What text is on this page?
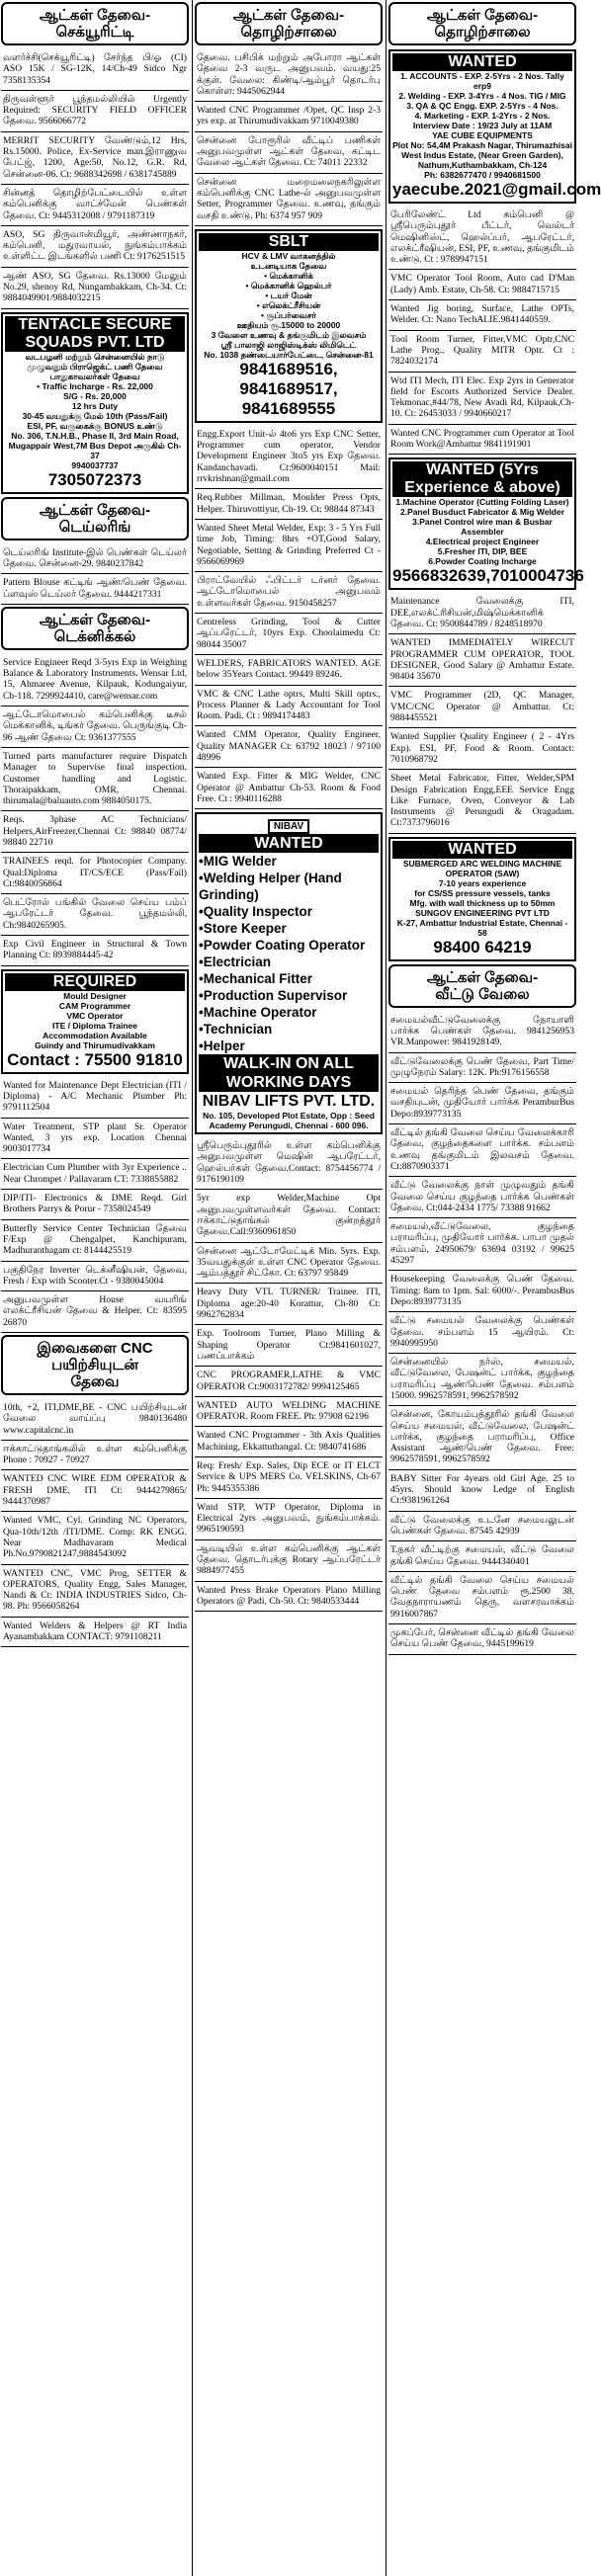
ஆட்கள் தேவை-
செக்யூரிட்டி
வளர்ச்சி(செக்யூரிட்டி) சேர்ந்த பி/ஓ (CI) ASO 15K / SG-12K, 14/Ch-49 Sidco Ngr 7358135354
திருவள்ளூர் பூந்தமல்லியில் Urgently Required: SECURITY FIELD OFFICER தேவை. 9566066772
MERRIT SECURITY வேண்டும்,12 Hrs, Rs.15000. Police, Ex-Service man.இராணுவ பேட்ஜ், 1200, Age:50, No.12, G.R. Rd, சென்னை-06. Ct: 9688342698 / 6381745889
சின்னத் தொழிற்பேட்டையில் உள்ள கம்பெனிக்கு வாட்ச்மேன் பெண்கள் தேவை. Ct: 9445312008 / 9791187319
ASO, SG திருவான்மியூர், அண்ணாநகர், கம்பெனி, மதுரவாயல், நுங்கம்பாக்கம் உள்ளிட்ட இடங்களில் பணி Ct: 9176251515
ஆண் ASO, SG தேவை. Rs.13000 மேலும் No.29, shenoy Rd, Nungambakkam, Ch-34. Ct: 9884049901/9884032215
TENTACLE SECURE SQUADS PVT. LTD
வடபழனி மற்றும் சென்னையில் நாடு முழுவதும் பிராஜெக்ட் பணி தேவை
பாதுகாவலர்கள் தேவை
• Traffic Incharge - Rs. 22,000
S/G - Rs. 20,000
12 hrs Duty
30-45 வயதுக்கு மேல் 10th (Pass/Fail)
ESI, PF, வருகைக்கு BONUS உண்டு
No. 306, T.N.H.B., Phase II, 3rd Main Road, Mugappair West,7M Bus Depot அருகில் Ch-37
9940037737
7305072373
ஆட்கள் தேவை-
டெய்லரிங்
டெய்லரிங் Institute-இல் பெண்கள் டெய்லர் தேவை. சென்னை-29. 9840237842
Pattern Blouse கட்டிங் ஆண்/பெண் தேவை. ப்ளவுஸ் டெய்லர் தேவை. 9444217331
ஆட்கள் தேவை-
டெக்னிக்கல்
Service Engineer Reqd 3-5yrs Exp in Weighing Balance & Laboratory Instruments. Wensar Ltd, 15, Ahmaree Avenue, Kilpauk, Kodungaiyur, Ch-118. 7299924410, care@wensar.com
ஆட்டோமொபைல் கம்பெனிக்கு டீசல் மெக்கானிக், டிங்கர் தேவை. பெருங்குடி Ch-96 ஆண் தேவை Ct: 9361377555
Turned parts manufacturer require Dispatch Manager to Supervise final inspection. Customer handling and Logistic. Thoraipakkam, OMR, Chennai. thirumala@baluauto.com 9884050175.
Reqs. 3phase AC Technicians/ Helpers,AirFreezer,Chennai Ct: 98840 08774/ 98840 22710
TRAINEES reqd. for Photocopier Company. Qual:Diploma IT/CS/ECE (Pass/Fail) Ct:9840056864
பெட்ரோல் பங்கில் வேலை செய்ய பம்ப் ஆபரேட்டர் தேவை. பூந்தமல்லி, Ch:9840265905.
Exp Civil Engineer in Structural & Town Planning Ct: 8939884445-42
REQUIRED
Mould Designer
CAM Programmer
VMC Operator
ITE / Diploma Trainee
Accommodation Available
Guindy and Thirumudivakkam
Contact : 75500 91810
Wanted for Maintenance Dept Electrician (ITI / Diploma) - A/C Mechanic Plumber Ph: 9791112504
Water Treatment, STP plant Sr. Operator Wanted, 3 yrs exp. Location Chennai 9003017734
Electrician Cum Plumber with 3yr Experience .. Near Chrompet / Pallavaram CT: 7338855882
DIP/ITI- Electronics & DME Reqd. Girl Brothers Parrys & Porur - 7358024549
Butterfly Service Center Technician தேவை F/Exp @ Chengalpet, Kanchipuram, Madhuranthagam ct: 8144425519
பகுதிநேர Inverter டெக்னீஷியன், தேவை, Fresh / Exp with Scooter.Ct - 9380045004
அனுபவமுள்ள House வயரிங் எலக்ட்ரீசியன் தேவை & Helper. Ct: 83595 26870
இவைகளை CNC பயிற்சியுடன்
தேவை
10th, +2, ITI,DME,BE - CNC பயிற்சியுடன் வேலை வாய்ப்பு 9840136480 www.capitalcnc.in
ஈக்காட்டுதாங்கலில் உள்ள கம்பெனிக்கு Phone : 70927 - 70927
WANTED CNC WIRE EDM OPERATOR & FRESH DME, ITI Ct: 9444279865/ 9444370987
Wanted VMC, Cyl. Grinding NC Operators, Qua-10th/12th /ITI/DME. Comp: RK ENGG. Near Madhavaram Medical Ph.No.9790821247,9884543092
WANTED CNC, VMC Prog, SETTER & OPERATORS, Quality Engg, Sales Manager, Nandi & Ct: INDIA INDUSTRIES Sidco, Ch-98. Ph: 9566058264
Wanted Welders & Helpers @ RT India Ayanambakkam CONTACT: 9791108211
ஆட்கள் தேவை-
தொழிற்சாலை
தேவை. பசிபிக் மற்றும் அபோரா ஆட்கள் தேவை 2-3 வருட அனுபவம். வயது:25 க்குள். வேலை: கிண்டி/ஆம்பூர் தொடர்பு கொள்ள: 9445062944
Wanted CNC Programmer /Opet, QC Insp 2-3 yrs exp. at Thirumudivakkam 9710049380
சென்னை போரூரில் வீட்டிப் பணிகள் அனுபவமுள்ள ஆட்கள் தேவை, கட்டிட வேலை ஆட்கள் தேவை. Ct: 74011 22332
சென்னை மறைமலைநகரிலுள்ள கம்பெனிக்கு CNC Lathe-ல் அனுபவமுள்ள Setter, Programmer தேவை. உணவு, தங்கும் வசதி உண்டு. Ph: 6374 957 909
SBLT
HCV & LMV வாகனத்தில்
உடனடியாக தேவை
• மெக்கானிக்
• மெக்கானிக் ஹெல்பர்
• டயர் மேன்
• எலெக்ட்ரீசியன்
• சூப்பர்வைசர்
ஊதியம் ரூ.15000 to 20000
3 வேளை உணவு & தங்குமிடம் இலவசம்
ஸ்ரீ பாலாஜி லாஜிஸ்டிக்ஸ் லிமிடெட்
No. 1038 தண்டையார்பேட்டை, சென்னை-81
9841689516, 9841689517, 9841689555
Engg.Export Unit-ல் 4to6 yrs Exp CNC Setter, Programmer cum operator, Vendor Development Engineer 3to5 yrs Exp தேவை. Kandanchavadi. Ct:9600040151 Mail: rrvkrishnan@gmail.com
Req.Rubber Millman, Moulder Press Opts, Helper. Thiruvottiyur, Ch-19. Ct: 98844 87343
Wanted Sheet Metal Welder, Exp: 3 - 5 Yrs Full time Job, Timing: 8hrs +OT,Good Salary, Negotiable, Setting & Grinding Preferred Ct - 9566069969
பிராட்வேயில் ஃபிட்டர் டர்னர் தேவை. ஆட்டோமொபைல் அனுபவம் உள்ளவர்கள் தேவை. 9150458257
Centreless Grinding, Tool & Cutter ஆப்பரேட்டர், 10yrs Exp. Choolaimedu Ct: 98044 35007
WELDERS, FABRICATORS WANTED. AGE below 35Years Contact. 99449 89246.
VMC & CNC Lathe optrs, Multi Skill optrs., Process Planner & Lady Accountant for Tool Room. Padi. Ct : 9894174483
Wanted CMM Operator, Quality Engineer, Quality MANAGER Ct: 63792 18023 / 97100 48996
Wanted Exp. Fitter & MIG Welder, CNC Operator @ Ambattur Ch-53. Room & Food Free. Ct : 9940116288
NIBAV
WANTED
• MIG Welder
• Welding Helper (Hand Grinding)
• Quality Inspector
• Store Keeper
• Powder Coating Operator
• Electrician
• Mechanical Fitter
• Production Supervisor
• Machine Operator
• Technician
• Helper
WALK-IN ON ALL WORKING DAYS
NIBAV LIFTS PVT. LTD.
No. 105, Developed Plot Estate, Opp : Seed Academy Perungudi, Chennai - 600 096.
ஸ்ரீபெரும்புதூரில் உள்ள கம்பெனிக்கு அனுபவமுள்ள மெஷின் ஆபரேட்டர், ஹெல்பர்கள் தேவை.Contact: 8754456774 / 9176190109
5yr exp Welder,Machine Opt அனுபவமுள்ளவர்கள் தேவை. Contact: ஈக்காட்டுதாங்கல் குன்றத்தூர் தேவை.Call:9360961850
சென்னை ஆட்டோமேட்டிக் Min. 5yrs. Exp. 35வயதுக்குள் உள்ள CNC Operator தேவை. ஆம்பத்தூர் சிட்கோ. Ct: 63797 95849
Heavy Duty VTL TURNER/ Trainee. ITI, Diploma age:20-40 Korattur, Ch-80 Ct: 9962762834
Exp. Toolroom Turner, Plano Milling & Shaping Operator Ct:9841601027, பணப்பாக்கம்
CNC PROGRAMER,LATHE & VMC OPERATOR Ct:9003172782/ 9994125465
WANTED AUTO WELDING MACHINE OPERATOR. Room FREE. Ph: 97908 62196
Wanted CNC Programmer - 3th Axis Qualities Machining, Ekkattuthangal. Ct: 9840741686
Req: Fresh/ Exp. Sales, Dip ECE or IT ELCT Service & UPS MERS Co. VELSKINS, Ch-67 Ph: 9445355386
Wntd STP, WTP Operator, Diploma in Electrical 2yrs அனுபவம், நுங்கம்பாக்கம். 9965190593
ஆவடியில் உள்ள கம்பெனிக்கு ஆட்கள் தேவை. தொடர்புக்கு Rotary ஆப்பரேட்டர் 9884977455
Wanted Press Brake Operators Plano Milling Operators @ Padi, Ch-50. Ct: 9840533444
ஆட்கள் தேவை-
தொழிற்சாலை
WANTED
1. ACCOUNTS - EXP. 2-5Yrs - 2 Nos. Tally erp9
2. Welding - EXP. 3-4Yrs - 4 Nos. TIG / MIG
3. QA & QC Engg. EXP. 2-5Yrs - 4 Nos.
4. Marketing - EXP. 1-2Yrs - 2 Nos.
Interview Date : 19/23 July at 11AM
YAE CUBE EQUIPMENTS
Plot No: 54,4M Prakash Nagar, Thirumazhisai West Indus Estate, (Near Green Garden), Nathum,Kuthambakkam, Ch-124
Ph: 6382677470 / 9940681500
yaecube.2021@gmail.com
பேரிலேண்ட் Ltd கம்பெனி @ ஸ்ரீபெரும்புதூர் பீட்டர், வெல்டர் மெஷினிஸ்ட், ஹெல்ப்பர், ஆபரேட்டர், எலக்ட்ரீஷியன், ESI, PF, உணவு, தங்குமிடம் உண்டு. Ct : 9789947151
VMC Operator Tool Room, Auto cad D'Man (Lady) Amb. Estate, Ch-58. Ct: 9884715715
Wanted Jig boring, Surface, Lathe OPTs, Welder. Ct: Nano TechALIE.9841440559.
Tool Room Turner, Fitter,VMC Optr,CNC Lathe Prog., Quality MITR Optr. Ct : 7824032174
Wtd ITI Mech, ITI Elec. Exp 2yrs in Generator field for Escorts Authorized Service Dealer. Tekmonac,#44/78, New Avadi Rd, Kilpauk,Ch-10. Ct: 26453033 / 9940660217
Wanted CNC Programmer cum Operator at Tool Room Work@Ambattur 9841191901
WANTED (5Yrs Experience & above)
1.Machine Operator (Cutting Folding Laser)
2.Panel Busduct Fabricator & Mig Welder
3.Panel Control wire man & Busbar Assembler
4.Electrical project Engineer
5.Fresher ITI, DIP, BEE
6.Powder Coating Incharge
9566832639,7010004736
Maintenance வேலைக்கு ITI, DEE,எலக்ட்ரிசியன்,மிஷ்மெக்கானிக் தேவை. Ct: 9500844789 / 8248518970
WANTED IMMEDIATELY WIRECUT PROGRAMMER CUM OPERATOR, TOOL DESIGNER, Good Salary @ Ambattur Estate. 98404 35670
VMC Programmer (2D, QC Manager, VMC/CNC Operator @ Ambattur. Ct: 9884455521
Wanted Supplier Quality Engineer ( 2 - 4Yrs Exp). ESI, PF, Food & Room. Contact: 7010968792
Sheet Metal Fabricator, Fitter, Welder,SPM Design Fabrication Engg,EEE Service Engg Like Furnace, Oven, Conveyor & Lab Instruments @ Perungudi & Oragadam. Ct:7373796016
WANTED
SUBMERGED ARC WELDING MACHINE OPERATOR (SAW)
7-10 years experience
for CS/SS pressure vessels, tanks
Mfg. with wall thickness up to 50mm
SUNGOV ENGINEERING PVT LTD
K-27, Ambattur Industrial Estate, Chennai - 58
98400 64219
ஆட்கள் தேவை-
வீட்டு வேலை
சமையல்வீட்டுவேலைக்கு நோயாளி பார்க்க பெண்கள் தேவை. 9841256953 VR.Manpower: 9841928149.
வீட்டுவேலைக்கு பெண் தேவை, Part Time/ முழுநேரம் Salary: 12K. Ph:9176156558
சமையல் தெரிந்த பெண் தேவை, தங்கும் வசதியுடன், முதியோர் பார்க்க PeramburBus Depo:8939773135
வீட்டில் தங்கி வேலை செய்ய வேலைக்காரி தேவை, குழந்தைகளை பார்க்க. சம்பளம் உணவு தங்குமிடம் இலவசம் தேவை. Ct:8870903371
வீட்டு வேலைக்கு நாள் முழுவதும் தங்கி வேலை செய்ய குழந்தை பார்க்க பெண்கள் தேவை. Ct:044-2434 1775/ 73388 91662
சமையல்,வீட்டுவேலை, குழந்தை பராமரிப்பு, முதியோர் பார்க்க. பாபா முதல் சம்பளம், 24950679/ 63694 03192 / 99625 45297
Housekeeping வேலைக்கு பெண் தேவை. Timing: 8am to 1pm. Sal: 6000/-. PerambusBus Depo:8939773135
வீட்டு சமையல் வேலைக்கு பெண்கள் தேவை. சம்பளம் 15 ஆயிரம். Ct: 9940995950
சென்னையில் நர்ஸ், சமையல், வீட்டுவேலை, பேஷன்ட் பார்க்க, குழந்தை பராமரிப்பு ஆண்/பெண் தேவை. சம்பளம் 15000. 9962578591, 9962578592
சென்னை, கோயம்புத்தூரில் தங்கி வேலை செய்ய சமையல், வீட்டுவேலை, பேஷன்ட் பார்க்க, குழந்தை பராமரிப்பு, Office Assistant ஆண்/பெண் தேவை. Free: 9962578591, 9962578592
BABY Sitter For 4years old Girl Age. 25 to 45yrs. Should know Ledge of English Ct:9381961264
வீட்டு வேலைக்கு உடனே சமையலுடன் பெண்கள் தேவை. 87545 42939
T.நகர் வீட்டிற்கு சமையல், வீட்டு வேலை தங்கி செய்ய தேவை. 9444340401
வீட்டில் தங்கி வேலை செய்ய சமையல் பெண் தேவை சம்பளம் ரூ.2500 38, வேதநாராயணம் தெரு, வளசரவாக்கம் 9916007867
முகப்பேர், சென்னை வீட்டில் தங்கி வேலை செய்ய பெண் தேவை, 9445199619
